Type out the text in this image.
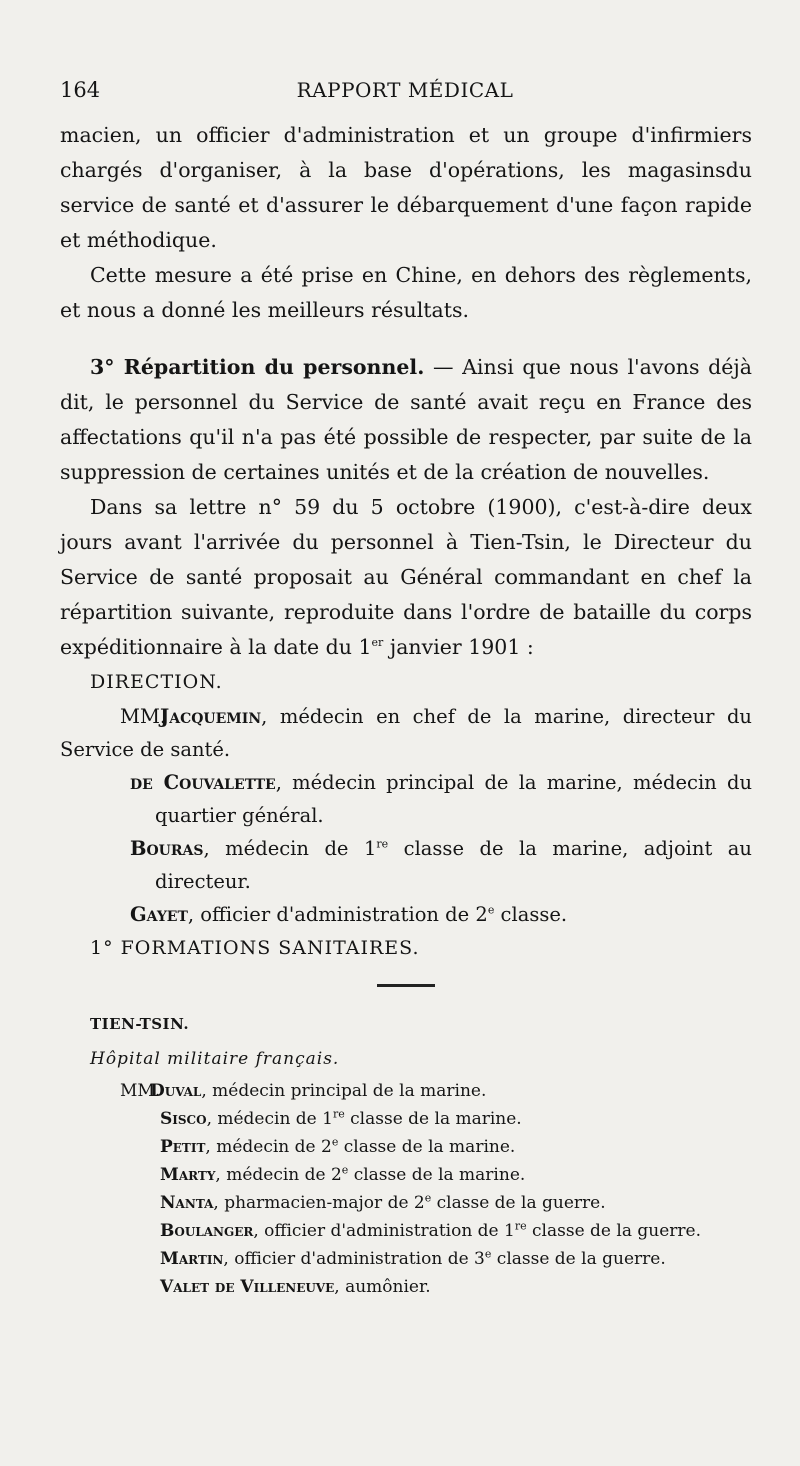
164	RAPPORT MÉDICAL

macien, un officier d'administration et un groupe d'infirmiers chargés d'organiser, à la base d'opérations, les magasinsdu service de santé et d'assurer le débarquement d'une façon rapide et méthodique.

Cette mesure a été prise en Chine, en dehors des règlements, et nous a donné les meilleurs résultats.

3° Répartition du personnel. — Ainsi que nous l'avons déjà dit, le personnel du Service de santé avait reçu en France des affectations qu'il n'a pas été possible de respecter, par suite de la suppression de certaines unités et de la création de nouvelles.

Dans sa lettre n° 59 du 5 octobre (1900), c'est-à-dire deux jours avant l'arrivée du personnel à Tien-Tsin, le Directeur du Service de santé proposait au Général commandant en chef la répartition suivante, reproduite dans l'ordre de bataille du corps expéditionnaire à la date du 1er janvier 1901 :

DIRECTION.

MM.Jacquemin, médecin en chef de la marine, directeur du Service de santé.

de Couvalette, médecin principal de la marine, médecin du quartier général.

Bouras, médecin de 1re classe de la marine, adjoint au directeur.

Gayet, officier d'administration de 2e classe.

1° FORMATIONS SANITAIRES.

TIEN-TSIN.

Hôpital militaire français.

MM.Duval, médecin principal de la marine.

Sisco, médecin de 1re classe de la marine.

Petit, médecin de 2e classe de la marine.

Marty, médecin de 2e classe de la marine.

Nanta, pharmacien-major de 2e classe de la guerre.

Boulanger, officier d'administration de 1re classe de la guerre.

Martin, officier d'administration de 3e classe de la guerre.

Valet de Villeneuve, aumônier.
